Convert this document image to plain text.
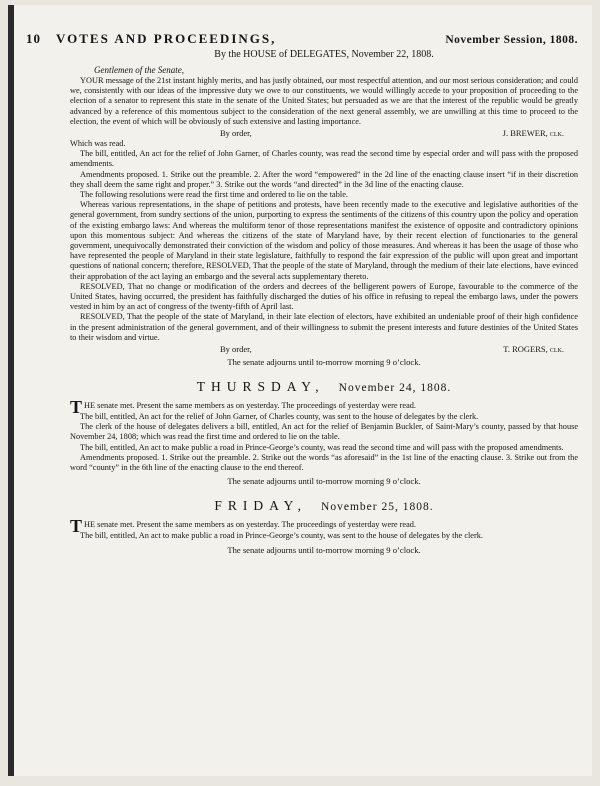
10	VOTES AND PROCEEDINGS,	November Session, 1808.
By the HOUSE of DELEGATES, November 22, 1808.
Gentlemen of the Senate,

YOUR message of the 21st instant highly merits, and has justly obtained, our most respectful attention, and our most serious consideration; and could we, consistently with our ideas of the impressive duty we owe to our constituents, we would willingly accede to your proposition of proceeding to the election of a senator to represent this state in the senate of the United States; but persuaded as we are that the interest of the republic would be greatly advanced by a reference of this momentous subject to the consideration of the next general assembly, we are unwilling at this time to proceed to the election, the event of which will be obviously of such extensive and lasting importance.

By order,	J. BREWER, clk.

Which was read.

The bill, entitled, An act for the relief of John Garner, of Charles county, was read the second time by especial order and will pass with the proposed amendments.

Amendments proposed. 1. Strike out the preamble. 2. After the word “empowered” in the 2d line of the enacting clause insert “if in their discretion they shall deem the same right and proper.” 3. Strike out the words “and directed” in the 3d line of the enacting clause.

The following resolutions were read the first time and ordered to lie on the table.

Whereas various representations, in the shape of petitions and protests, have been recently made to the executive and legislative authorities of the general government, from sundry sections of the union, purporting to express the sentiments of the citizens of this country upon the policy and operation of the existing embargo laws: And whereas the multiform tenor of those representations manifest the existence of opposite and contradictory opinions upon this momentous subject: And whereas the citizens of the state of Maryland have, by their recent election of functionaries to the general government, unequivocally demonstrated their conviction of the wisdom and policy of those measures. And whereas it has been the usage of those who have represented the people of Maryland in their state legislature, faithfully to respond the fair expression of the public will upon great and important questions of national concern; therefore, RESOLVED, That the people of the state of Maryland, through the medium of their late elections, have evinced their approbation of the act laying an embargo and the several acts supplementary thereto.

RESOLVED, That no change or modification of the orders and decrees of the belligerent powers of Europe, favourable to the commerce of the United States, having occurred, the president has faithfully discharged the duties of his office in refusing to repeal the embargo laws, under the powers vested in him by an act of congress of the twenty-fifth of April last.

RESOLVED, That the people of the state of Maryland, in their late election of electors, have exhibited an undeniable proof of their high confidence in the present administration of the general government, and of their willingness to submit the present interests and future destinies of the United States to their wisdom and virtue.

By order,	T. ROGERS, clk.
The senate adjourns until to-morrow morning 9 o’clock.
THURSDAY, November 24, 1808.

THE senate met. Present the same members as on yesterday. The proceedings of yesterday were read.

The bill, entitled, An act for the relief of John Garner, of Charles county, was sent to the house of delegates by the clerk.

The clerk of the house of delegates delivers a bill, entitled, An act for the relief of Benjamin Buckler, of Saint-Mary’s county, passed by that house November 24, 1808; which was read the first time and ordered to lie on the table.

The bill, entitled, An act to make public a road in Prince-George’s county, was read the second time and will pass with the proposed amendments.

Amendments proposed. 1. Strike out the preamble. 2. Strike out the words “as aforesaid” in the 1st line of the enacting clause. 3. Strike out from the word “county” in the 6th line of the enacting clause to the end thereof.

The senate adjourns until to-morrow morning 9 o’clock.
FRIDAY, November 25, 1808.

THE senate met. Present the same members as on yesterday. The proceedings of yesterday were read.

The bill, entitled, An act to make public a road in Prince-George’s county, was sent to the house of delegates by the clerk.

The senate adjourns until to-morrow morning 9 o’clock.
